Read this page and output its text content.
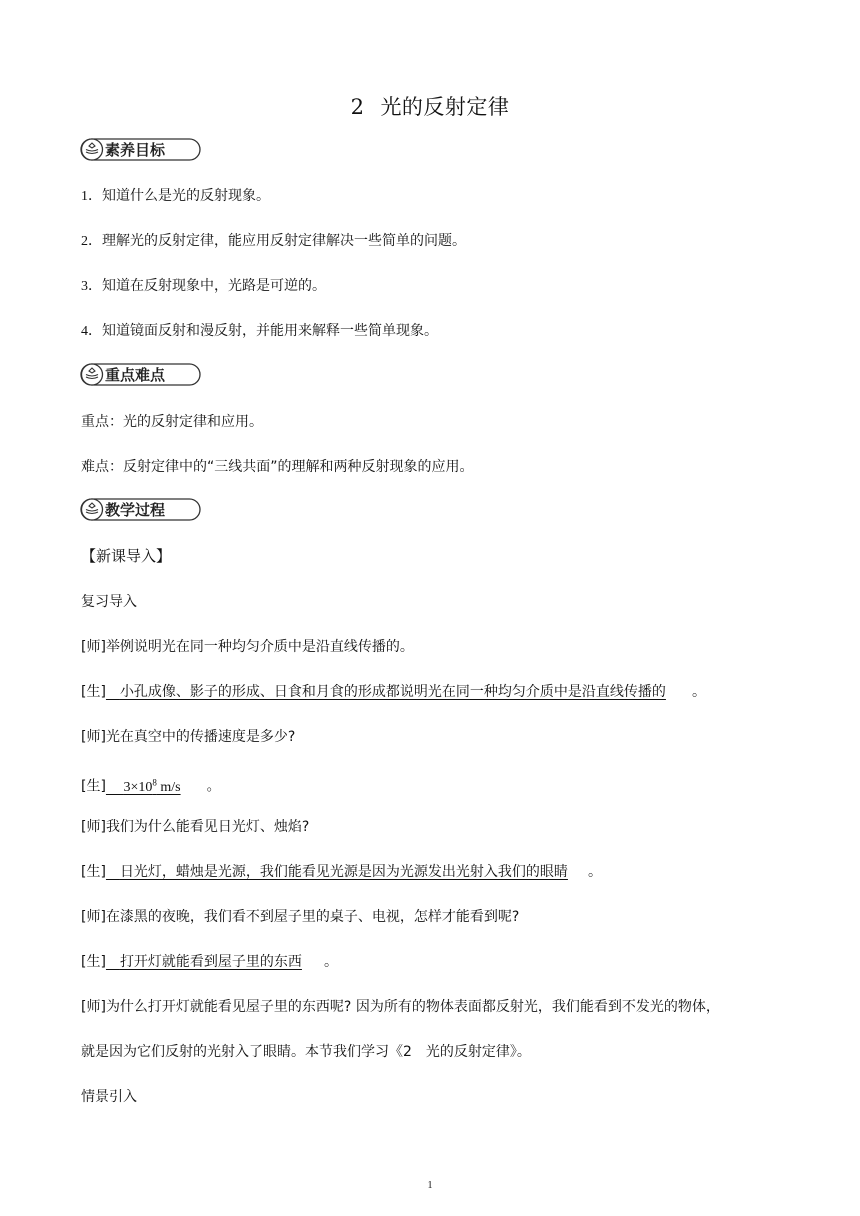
2 光的反射定律
素养目标
1．知道什么是光的反射现象。
2．理解光的反射定律，能应用反射定律解决一些简单的问题。
3．知道在反射现象中，光路是可逆的。
4．知道镜面反射和漫反射，并能用来解释一些简单现象。
重点难点
重点：光的反射定律和应用。
难点：反射定律中的“三线共面”的理解和两种反射现象的应用。
教学过程
【新课导入】
复习导入
[师]举例说明光在同一种均匀介质中是沿直线传播的。
[生]　 小孔成像、影子的形成、日食和月食的形成都说明光在同一种均匀介质中是沿直线传播的 。
[师]光在真空中的传播速度是多少?
[生]　 $3\times 10^8$ m/s 。
[师]我们为什么能看见日光灯、烛焰?
[生]　 日光灯，蜡烛是光源，我们能看见光源是因为光源发出光射入我们的眼睛 。
[师]在漆黑的夜晚，我们看不到屋子里的桌子、电视，怎样才能看到呢?
[生]　 打开灯就能看到屋子里的东西 。
[师]为什么打开灯就能看见屋子里的东西呢? 因为所有的物体表面都反射光，我们能看到不发光的物体，
就是因为它们反射的光射入了眼睛。本节我们学习《2　光的反射定律》。
情景引入
1
